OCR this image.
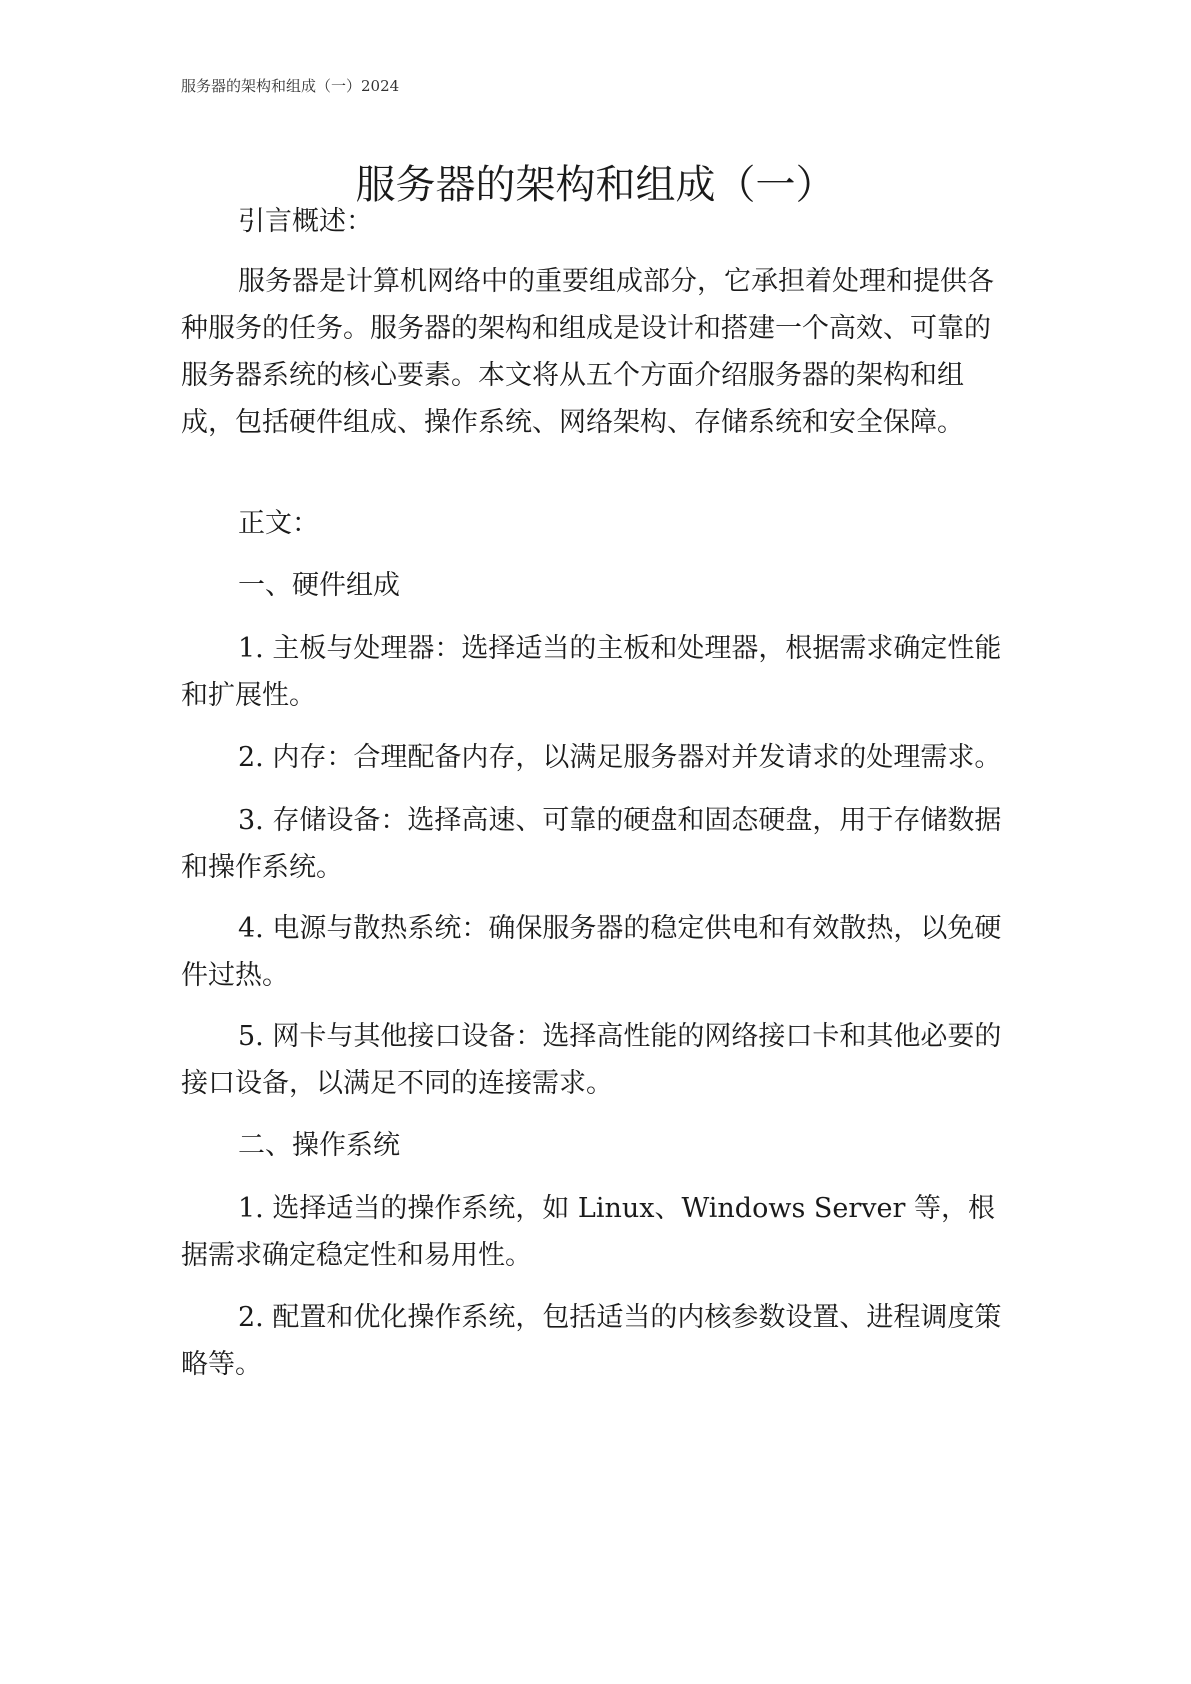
服务器的架构和组成（一）2024
服务器的架构和组成（一）

引言概述：

服务器是计算机网络中的重要组成部分，它承担着处理和提供各种服务的任务。服务器的架构和组成是设计和搭建一个高效、可靠的服务器系统的核心要素。本文将从五个方面介绍服务器的架构和组成，包括硬件组成、操作系统、网络架构、存储系统和安全保障。

正文：

一、硬件组成

1. 主板与处理器：选择适当的主板和处理器，根据需求确定性能和扩展性。

2. 内存：合理配备内存，以满足服务器对并发请求的处理需求。

3. 存储设备：选择高速、可靠的硬盘和固态硬盘，用于存储数据和操作系统。

4. 电源与散热系统：确保服务器的稳定供电和有效散热，以免硬件过热。

5. 网卡与其他接口设备：选择高性能的网络接口卡和其他必要的接口设备，以满足不同的连接需求。

二、操作系统

1. 选择适当的操作系统，如 Linux、Windows Server 等，根据需求确定稳定性和易用性。

2. 配置和优化操作系统，包括适当的内核参数设置、进程调度策略等。
